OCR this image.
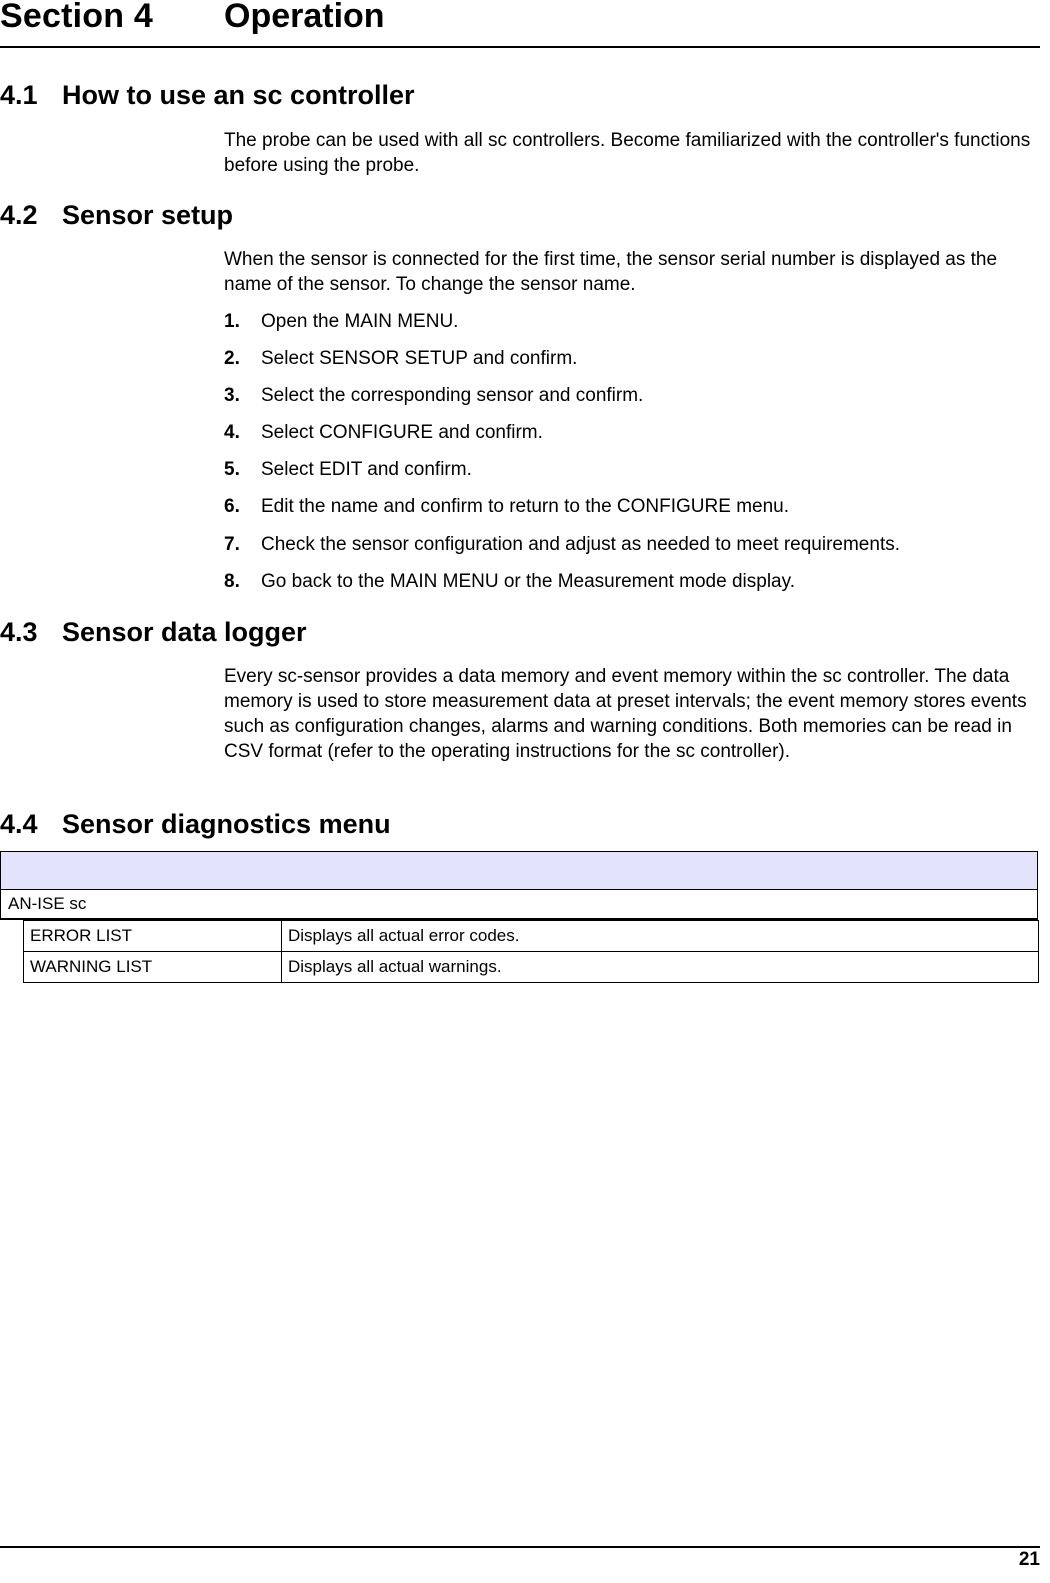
Section 4 Operation
4.1 How to use an sc controller
The probe can be used with all sc controllers. Become familiarized with the controller's functions before using the probe.
4.2 Sensor setup
When the sensor is connected for the first time, the sensor serial number is displayed as the name of the sensor. To change the sensor name.
1. Open the MAIN MENU.
2. Select SENSOR SETUP and confirm.
3. Select the corresponding sensor and confirm.
4. Select CONFIGURE and confirm.
5. Select EDIT and confirm.
6. Edit the name and confirm to return to the CONFIGURE menu.
7. Check the sensor configuration and adjust as needed to meet requirements.
8. Go back to the MAIN MENU or the Measurement mode display.
4.3 Sensor data logger
Every sc-sensor provides a data memory and event memory within the sc controller. The data memory is used to store measurement data at preset intervals; the event memory stores events such as configuration changes, alarms and warning conditions. Both memories can be read in CSV format (refer to the operating instructions for the sc controller).
4.4 Sensor diagnostics menu
AN-ISE sc
ERROR LIST	Displays all actual error codes.
WARNING LIST	Displays all actual warnings.
21
